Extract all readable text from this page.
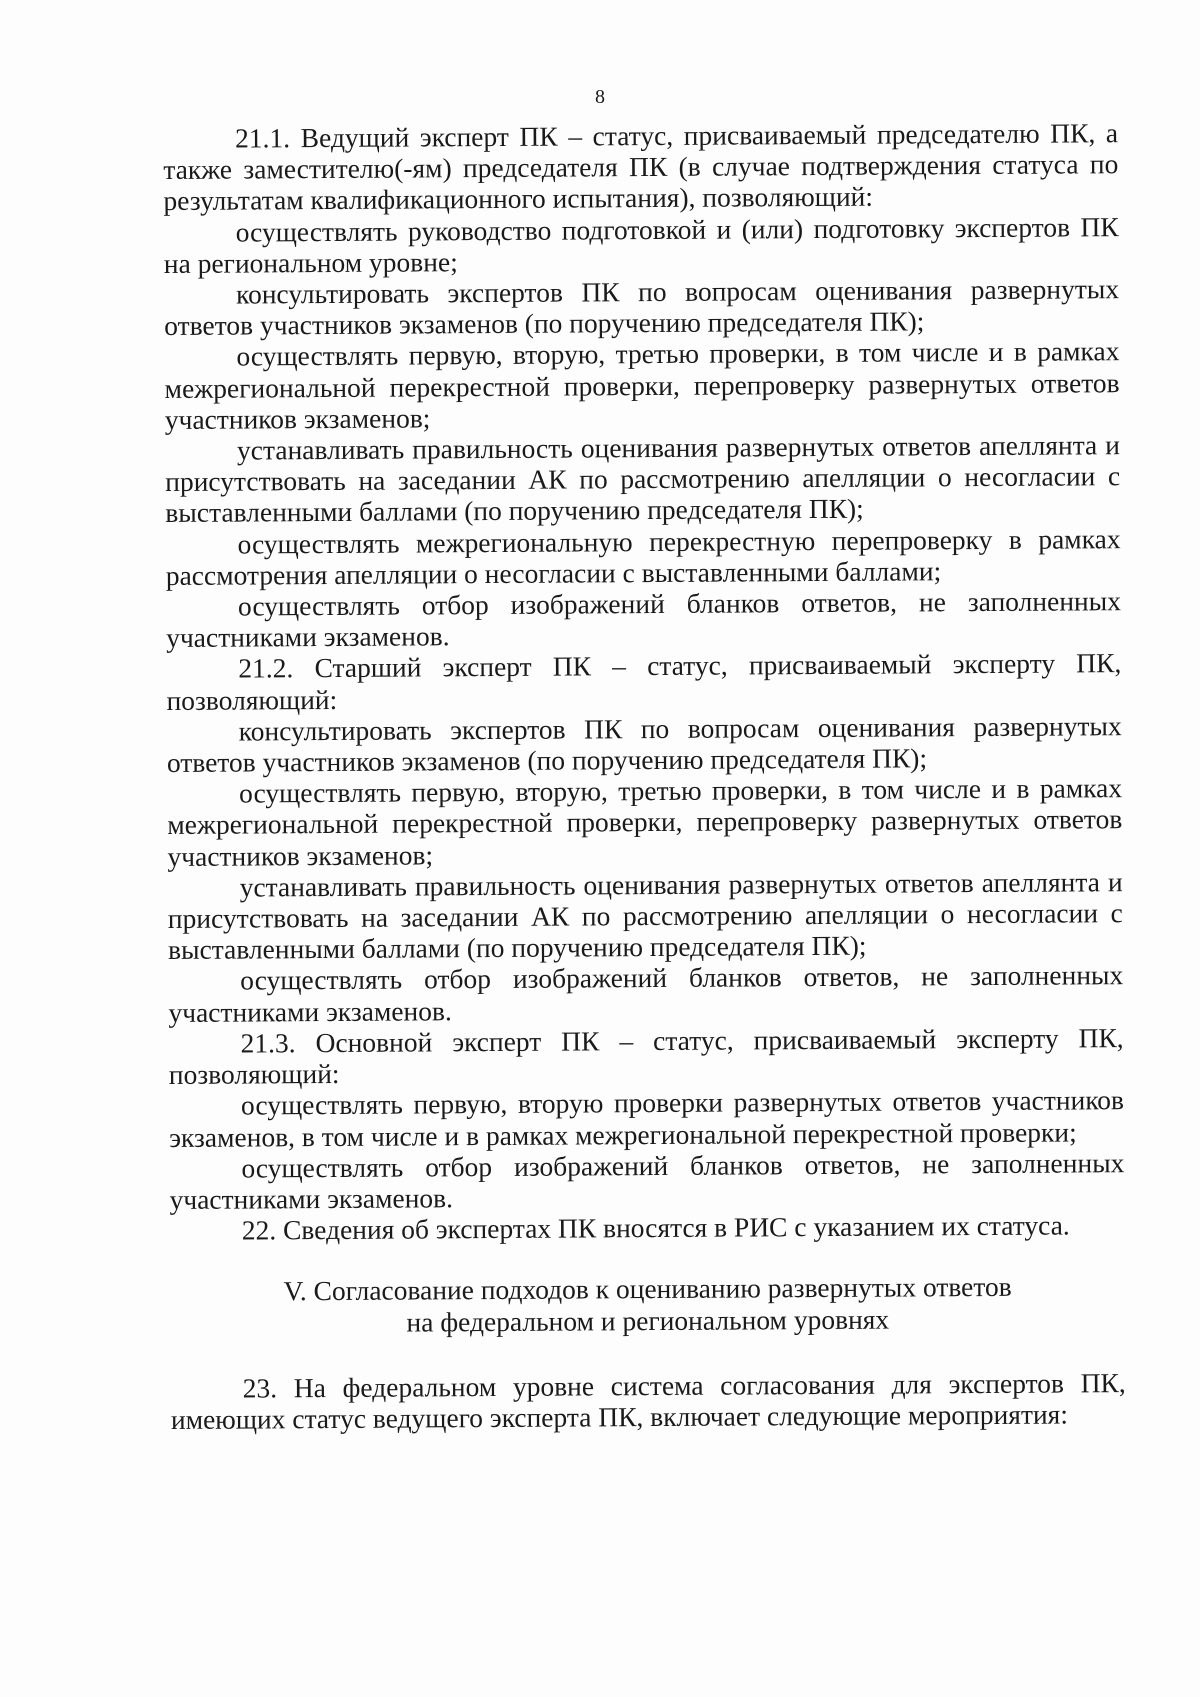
8

21.1. Ведущий эксперт ПК – статус, присваиваемый председателю ПК, а также заместителю(-ям) председателя ПК (в случае подтверждения статуса по результатам квалификационного испытания), позволяющий:

осуществлять руководство подготовкой и (или) подготовку экспертов ПК на региональном уровне;

консультировать экспертов ПК по вопросам оценивания развернутых ответов участников экзаменов (по поручению председателя ПК);

осуществлять первую, вторую, третью проверки, в том числе и в рамках межрегиональной перекрестной проверки, перепроверку развернутых ответов участников экзаменов;

устанавливать правильность оценивания развернутых ответов апеллянта и присутствовать на заседании АК по рассмотрению апелляции о несогласии с выставленными баллами (по поручению председателя ПК);

осуществлять межрегиональную перекрестную перепроверку в рамках рассмотрения апелляции о несогласии с выставленными баллами;

осуществлять отбор изображений бланков ответов, не заполненных участниками экзаменов.

21.2. Старший эксперт ПК – статус, присваиваемый эксперту ПК, позволяющий:

консультировать экспертов ПК по вопросам оценивания развернутых ответов участников экзаменов (по поручению председателя ПК);

осуществлять первую, вторую, третью проверки, в том числе и в рамках межрегиональной перекрестной проверки, перепроверку развернутых ответов участников экзаменов;

устанавливать правильность оценивания развернутых ответов апеллянта и присутствовать на заседании АК по рассмотрению апелляции о несогласии с выставленными баллами (по поручению председателя ПК);

осуществлять отбор изображений бланков ответов, не заполненных участниками экзаменов.

21.3. Основной эксперт ПК – статус, присваиваемый эксперту ПК, позволяющий:

осуществлять первую, вторую проверки развернутых ответов участников экзаменов, в том числе и в рамках межрегиональной перекрестной проверки;

осуществлять отбор изображений бланков ответов, не заполненных участниками экзаменов.

22. Сведения об экспертах ПК вносятся в РИС с указанием их статуса.

V. Согласование подходов к оцениванию развернутых ответов
на федеральном и региональном уровнях

23. На федеральном уровне система согласования для экспертов ПК, имеющих статус ведущего эксперта ПК, включает следующие мероприятия:
